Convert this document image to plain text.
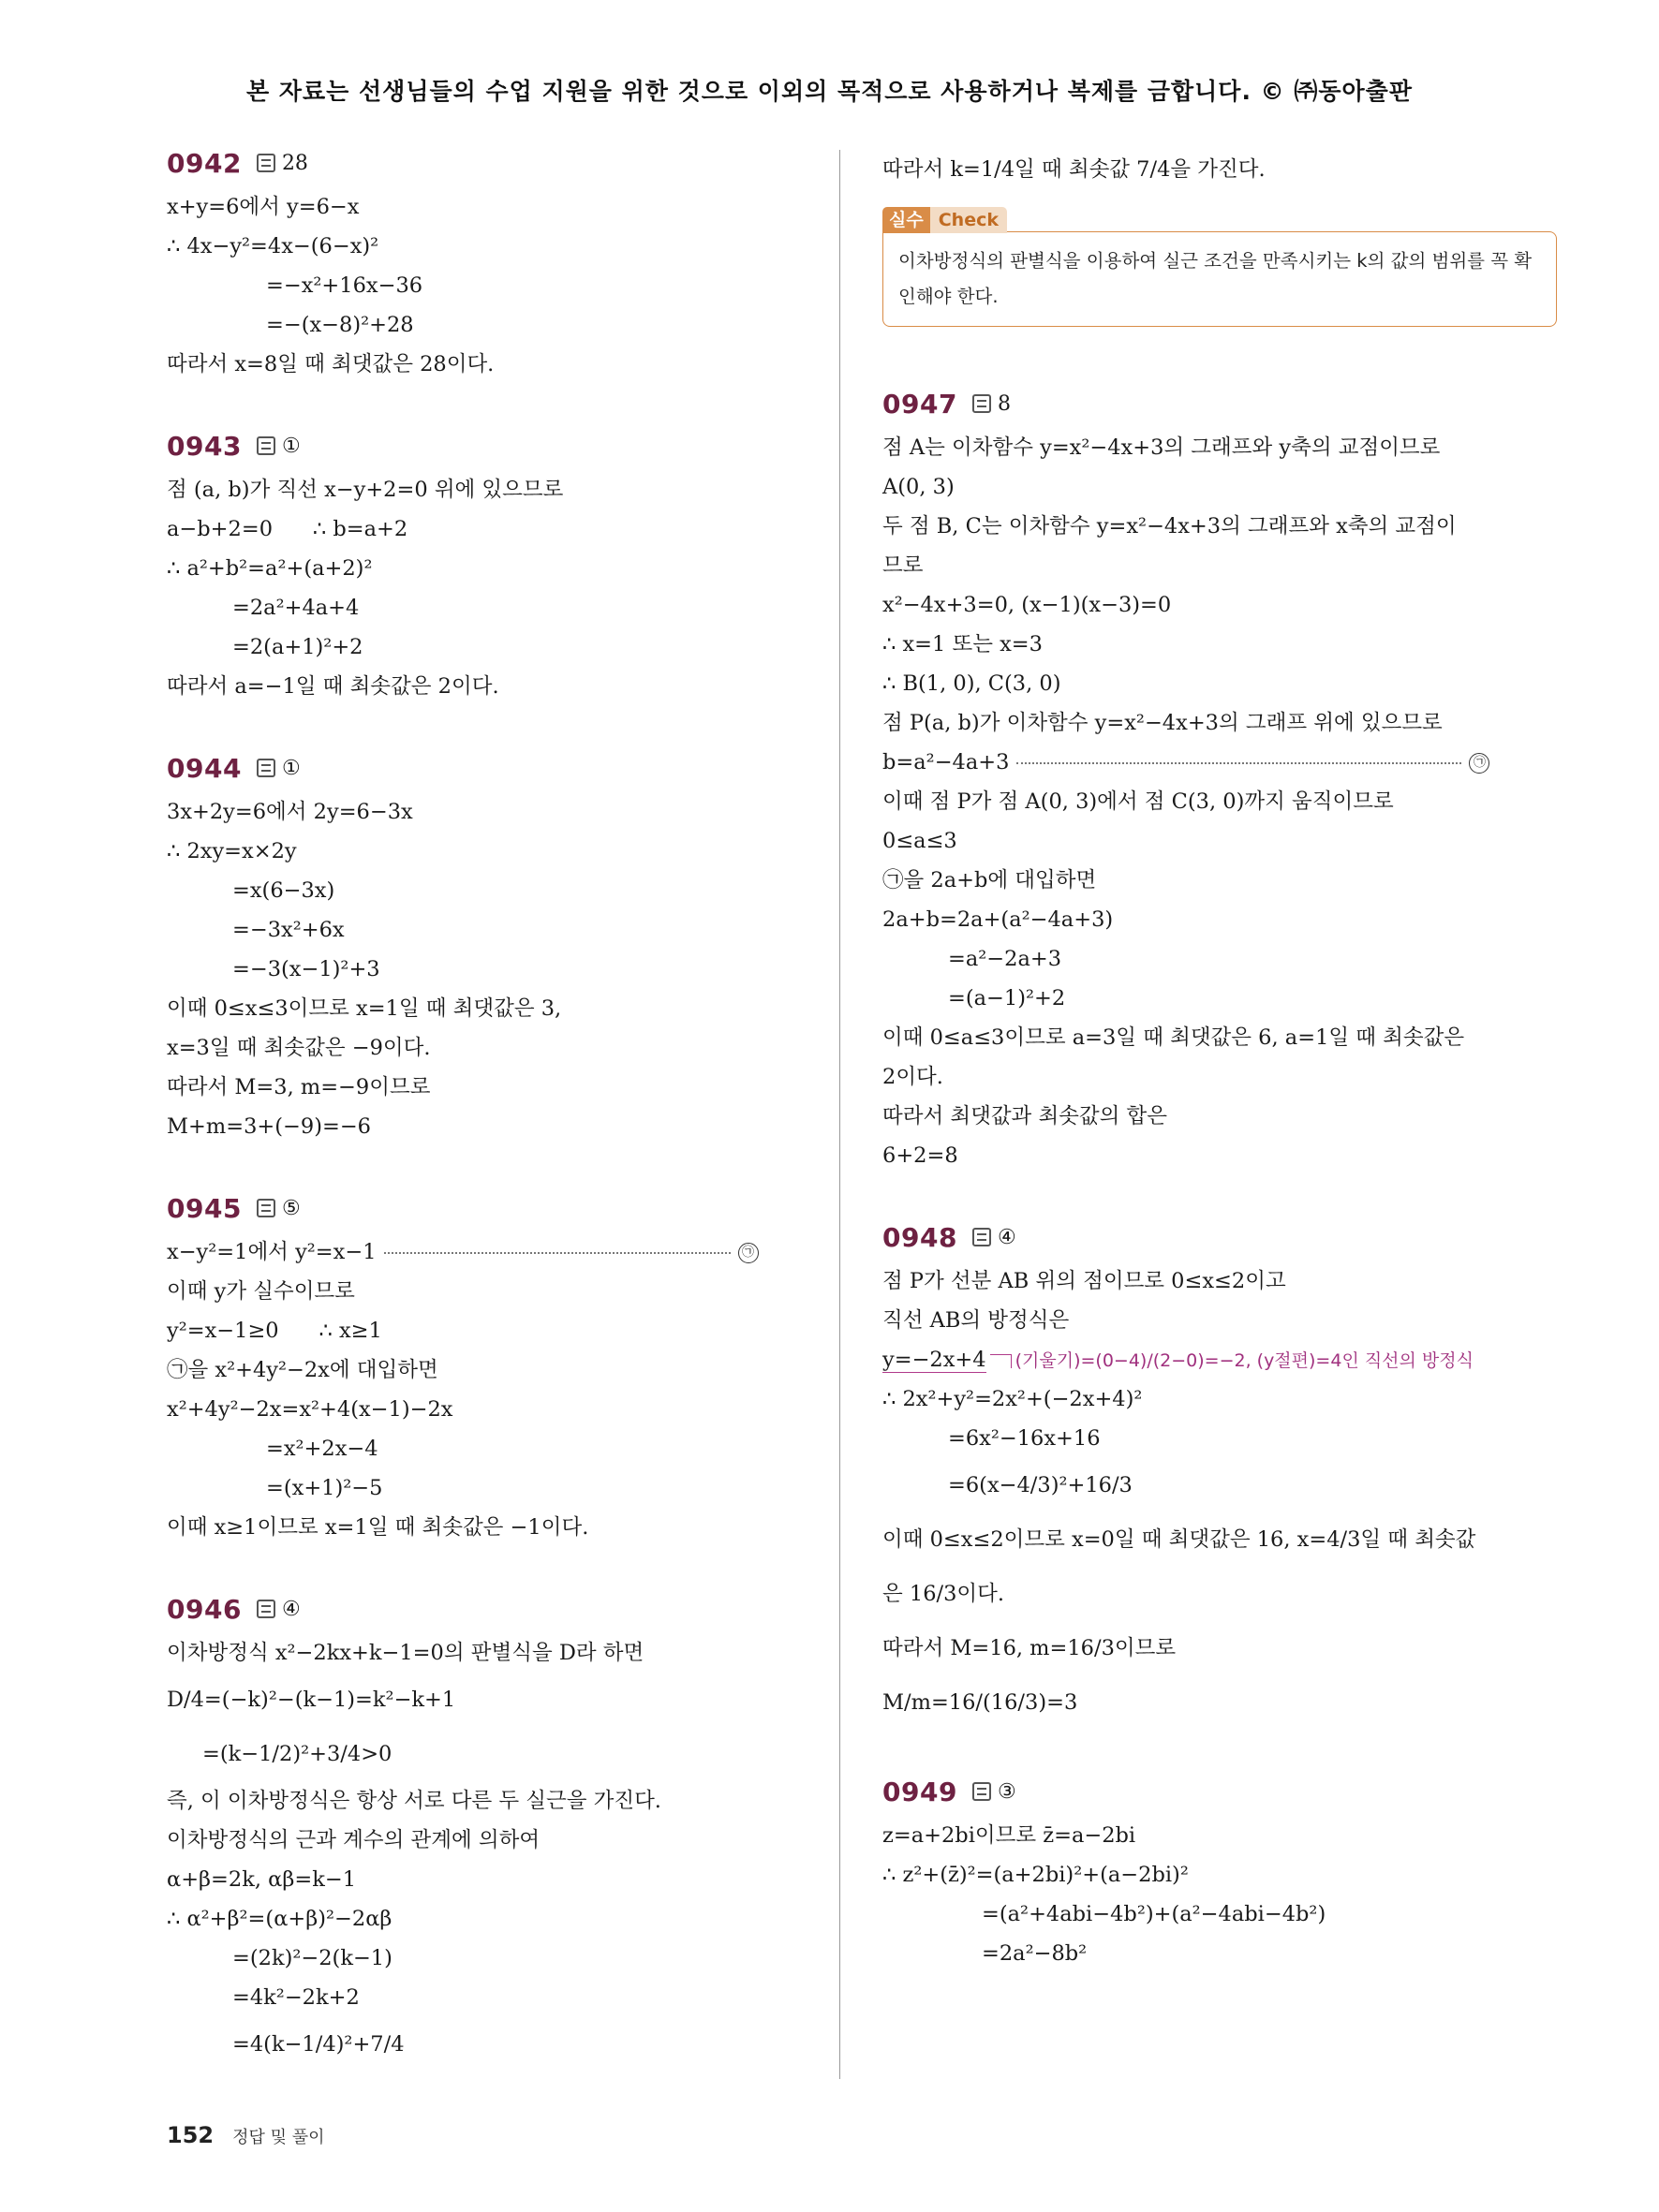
본 자료는 선생님들의 수업 지원을 위한 것으로 이외의 목적으로 사용하거나 복제를 금합니다. © ㈜동아출판
0942 28
x+y=6에서 y=6−x
∴ 4x−y²=4x−(6−x)²
=−x²+16x−36
=−(x−8)²+28
따라서 x=8일 때 최댓값은 28이다.
0943 ①
점 (a, b)가 직선 x−y+2=0 위에 있으므로
a−b+2=0      ∴ b=a+2
∴ a²+b²=a²+(a+2)²
=2a²+4a+4
=2(a+1)²+2
따라서 a=−1일 때 최솟값은 2이다.
0944 ①
3x+2y=6에서 2y=6−3x
∴ 2xy=x×2y
=x(6−3x)
=−3x²+6x
=−3(x−1)²+3
이때 0≤x≤3이므로 x=1일 때 최댓값은 3,
x=3일 때 최솟값은 −9이다.
따라서 M=3, m=−9이므로
M+m=3+(−9)=−6
0945 ⑤
x−y²=1에서 y²=x−1	㉠
이때 y가 실수이므로
y²=x−1≥0      ∴ x≥1
㉠을 x²+4y²−2x에 대입하면
x²+4y²−2x=x²+4(x−1)−2x
=x²+2x−4
=(x+1)²−5
이때 x≥1이므로 x=1일 때 최솟값은 −1이다.
0946 ④
이차방정식 x²−2kx+k−1=0의 판별식을 D라 하면
D/4=(−k)²−(k−1)=k²−k+1
=(k−1/2)²+3/4>0
즉, 이 이차방정식은 항상 서로 다른 두 실근을 가진다.
이차방정식의 근과 계수의 관계에 의하여
α+β=2k, αβ=k−1
∴ α²+β²=(α+β)²−2αβ
=(2k)²−2(k−1)
=4k²−2k+2
=4(k−1/4)²+7/4
따라서 k=1/4일 때 최솟값 7/4을 가진다.
실수 Check
이차방정식의 판별식을 이용하여 실근 조건을 만족시키는 k의 값의 범위를 꼭 확인해야 한다.
0947 8
점 A는 이차함수 y=x²−4x+3의 그래프와 y축의 교점이므로
A(0, 3)
두 점 B, C는 이차함수 y=x²−4x+3의 그래프와 x축의 교점이
므로
x²−4x+3=0, (x−1)(x−3)=0
∴ x=1 또는 x=3
∴ B(1, 0), C(3, 0)
점 P(a, b)가 이차함수 y=x²−4x+3의 그래프 위에 있으므로
b=a²−4a+3	㉠
이때 점 P가 점 A(0, 3)에서 점 C(3, 0)까지 움직이므로
0≤a≤3
㉠을 2a+b에 대입하면
2a+b=2a+(a²−4a+3)
=a²−2a+3
=(a−1)²+2
이때 0≤a≤3이므로 a=3일 때 최댓값은 6, a=1일 때 최솟값은
2이다.
따라서 최댓값과 최솟값의 합은
6+2=8
0948 ④
점 P가 선분 AB 위의 점이므로 0≤x≤2이고
직선 AB의 방정식은
y=−2x+4 (기울기)=(0−4)/(2−0)=−2, (y절편)=4인 직선의 방정식
∴ 2x²+y²=2x²+(−2x+4)²
=6x²−16x+16
=6(x−4/3)²+16/3
이때 0≤x≤2이므로 x=0일 때 최댓값은 16, x=4/3일 때 최솟값
은 16/3이다.
따라서 M=16, m=16/3이므로
M/m=16/(16/3)=3
0949 ③
z=a+2bi이므로 z̄=a−2bi
∴ z²+(z̄)²=(a+2bi)²+(a−2bi)²
=(a²+4abi−4b²)+(a²−4abi−4b²)
=2a²−8b²
152 정답 및 풀이
